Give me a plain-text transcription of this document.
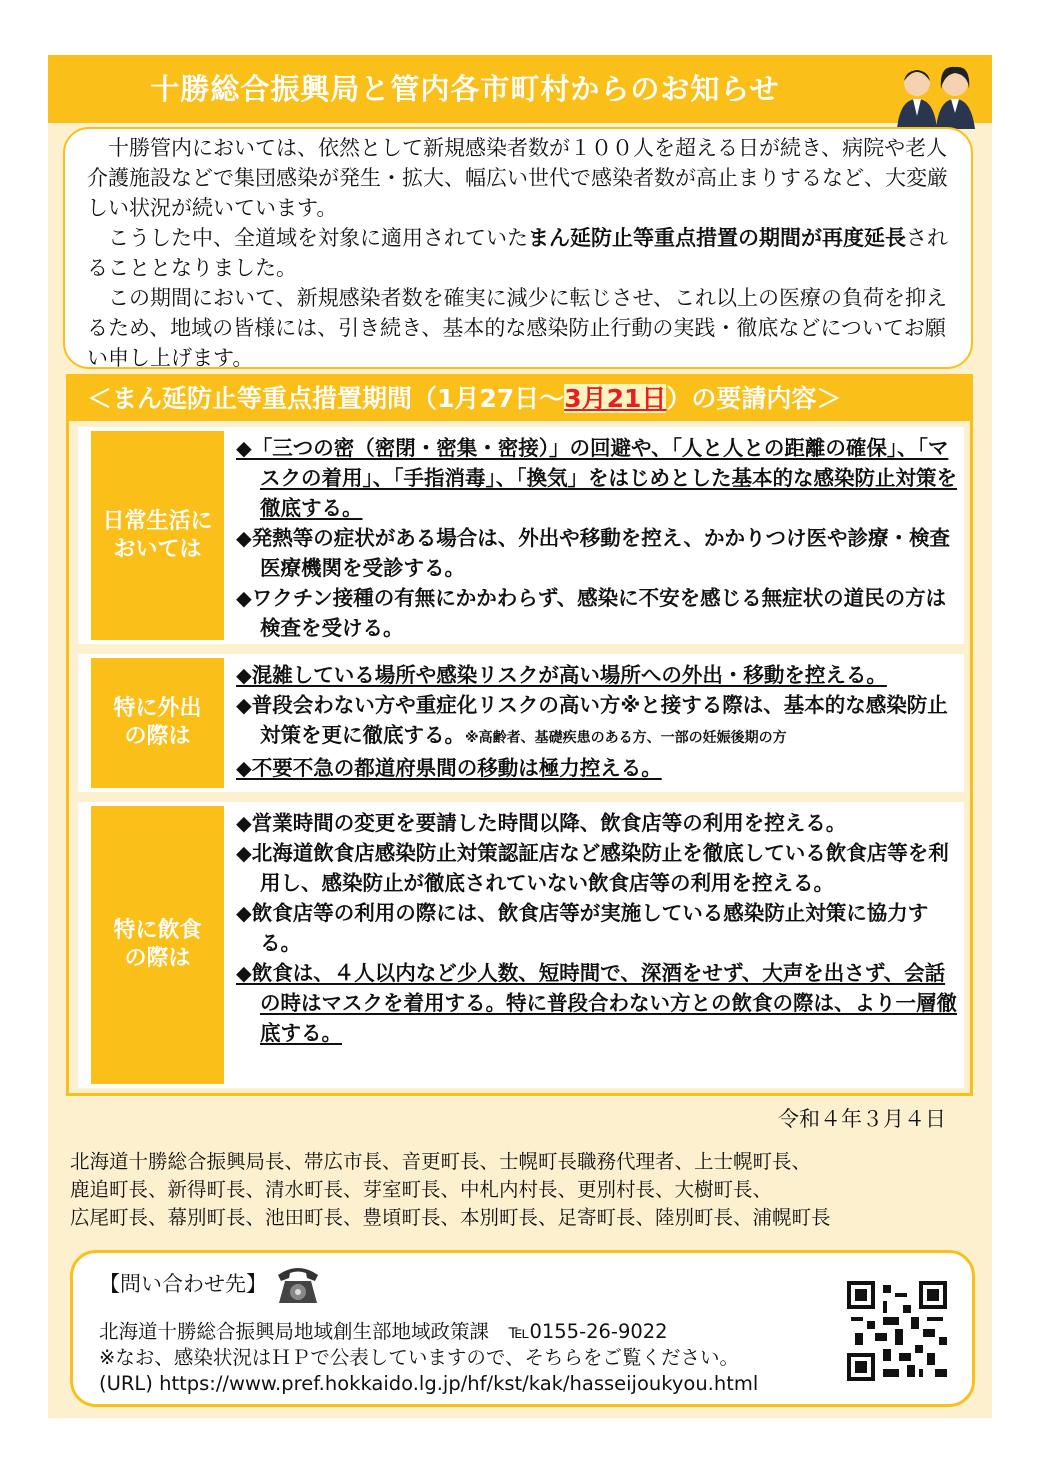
十勝総合振興局と管内各市町村からのお知らせ

十勝管内においては、依然として新規感染者数が１００人を超える日が続き、病院や老人介護施設などで集団感染が発生・拡大、幅広い世代で感染者数が高止まりするなど、大変厳しい状況が続いています。

こうした中、全道域を対象に適用されていたまん延防止等重点措置の期間が再度延長されることとなりました。

この期間において、新規感染者数を確実に減少に転じさせ、これ以上の医療の負荷を抑えるため、地域の皆様には、引き続き、基本的な感染防止行動の実践・徹底などについてお願い申し上げます。

＜まん延防止等重点措置期間（1月27日～3月21日）の要請内容＞
日常生活においては
◆「三つの密（密閉・密集・密接）」の回避や、「人と人との距離の確保」、「マスクの着用」、「手指消毒」、「換気」をはじめとした基本的な感染防止対策を徹底する。
◆発熱等の症状がある場合は、外出や移動を控え、かかりつけ医や診療・検査医療機関を受診する。
◆ワクチン接種の有無にかかわらず、感染に不安を感じる無症状の道民の方は検査を受ける。
特に外出の際は
◆混雑している場所や感染リスクが高い場所への外出・移動を控える。
◆普段会わない方や重症化リスクの高い方※と接する際は、基本的な感染防止対策を更に徹底する。※高齢者、基礎疾患のある方、一部の妊娠後期の方
◆不要不急の都道府県間の移動は極力控える。
特に飲食の際は
◆営業時間の変更を要請した時間以降、飲食店等の利用を控える。
◆北海道飲食店感染防止対策認証店など感染防止を徹底している飲食店等を利用し、感染防止が徹底されていない飲食店等の利用を控える。
◆飲食店等の利用の際には、飲食店等が実施している感染防止対策に協力する。
◆飲食は、４人以内など少人数、短時間で、深酒をせず、大声を出さず、会話の時はマスクを着用する。特に普段合わない方との飲食の際は、より一層徹底する。
令和４年３月４日
北海道十勝総合振興局長、帯広市長、音更町長、士幌町長職務代理者、上士幌町長、
鹿追町長、新得町長、清水町長、芽室町長、中札内村長、更別村長、大樹町長、
広尾町長、幕別町長、池田町長、豊頃町長、本別町長、足寄町長、陸別町長、浦幌町長
【問い合わせ先】
北海道十勝総合振興局地域創生部地域政策課　℡0155-26-9022
※なお、感染状況はＨＰで公表していますので、そちらをご覧ください。
(URL) https://www.pref.hokkaido.lg.jp/hf/kst/kak/hasseijoukyou.html
